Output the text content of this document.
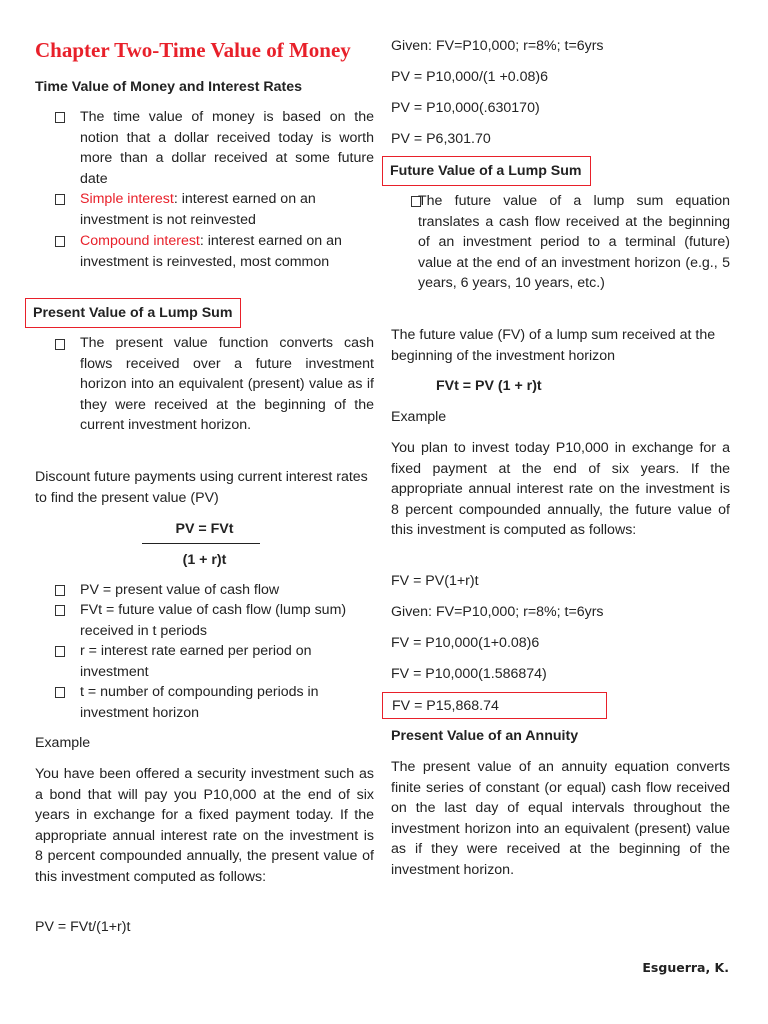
Chapter Two-Time Value of Money

Time Value of Money and Interest Rates

The time value of money is based on the notion that a dollar received today is worth more than a dollar received at some future date

Simple interest: interest earned on an investment is not reinvested

Compound interest: interest earned on an investment is reinvested, most common

Present Value of a Lump Sum

The present value function converts cash flows received over a future investment horizon into an equivalent (present) value as if they were received at the beginning of the current investment horizon.

Discount future payments using current interest rates to find the present value (PV)

PV = FVt

(1 + r)t

PV = present value of cash flow

FVt = future value of cash flow (lump sum) received in t periods

r = interest rate earned per period on investment

t = number of compounding periods in investment horizon

Example

You have been offered a security investment such as a bond that will pay you P10,000 at the end of six years in exchange for a fixed payment today. If the appropriate annual interest rate on the investment is 8 percent compounded annually, the present value of this investment computed as follows:

PV = FVt/(1+r)t

Given: FV=P10,000; r=8%; t=6yrs

PV = P10,000/(1 +0.08)6

PV = P10,000(.630170)

PV = P6,301.70

Future Value of a Lump Sum

The future value of a lump sum equation translates a cash flow received at the beginning of an investment period to a terminal (future) value at the end of an investment horizon (e.g., 5 years, 6 years, 10 years, etc.)

The future value (FV) of a lump sum received at the beginning of the investment horizon

FVt = PV (1 + r)t

Example

You plan to invest today P10,000 in exchange for a fixed payment at the end of six years. If the appropriate annual interest rate on the investment is 8 percent compounded annually, the future value of this investment is computed as follows:

FV = PV(1+r)t

Given: FV=P10,000; r=8%; t=6yrs

FV = P10,000(1+0.08)6

FV = P10,000(1.586874)

Present Value of an Annuity

The present value of an annuity equation converts finite series of constant (or equal) cash flow received on the last day of equal intervals throughout the investment horizon into an equivalent (present) value as if they were received at the beginning of the investment horizon.

FV = P15,868.74
Esguerra, K.
